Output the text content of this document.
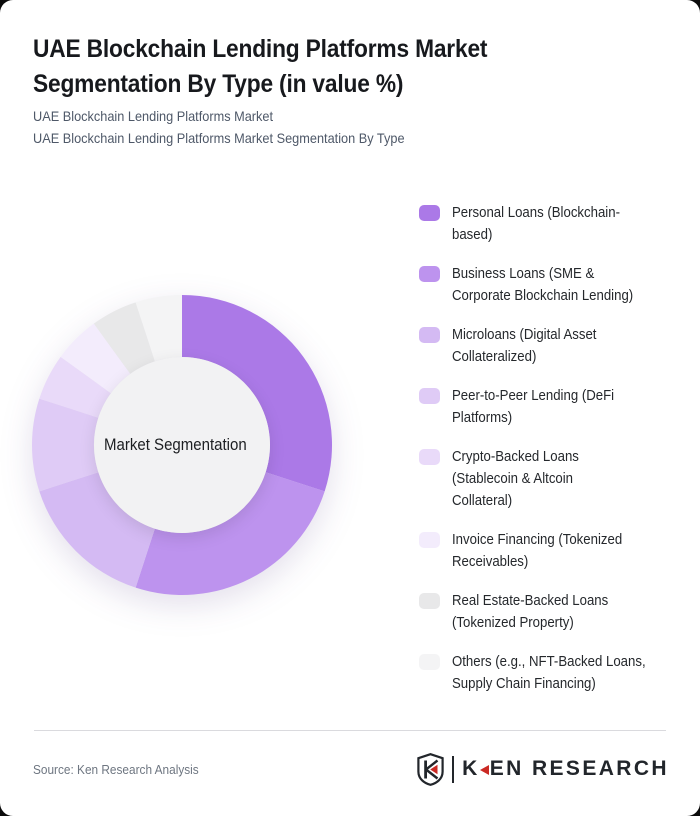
UAE Blockchain Lending Platforms Market
Segmentation By Type (in value %)
UAE Blockchain Lending Platforms Market
UAE Blockchain Lending Platforms Market Segmentation By Type
Market Segmentation
Personal Loans (Blockchain-
based)
Business Loans (SME &
Corporate Blockchain Lending)
Microloans (Digital Asset
Collateralized)
Peer-to-Peer Lending (DeFi
Platforms)
Crypto-Backed Loans
(Stablecoin & Altcoin
Collateral)
Invoice Financing (Tokenized
Receivables)
Real Estate-Backed Loans
(Tokenized Property)
Others (e.g., NFT-Backed Loans,
Supply Chain Financing)
Source: Ken Research Analysis	K EN RESEARCH
